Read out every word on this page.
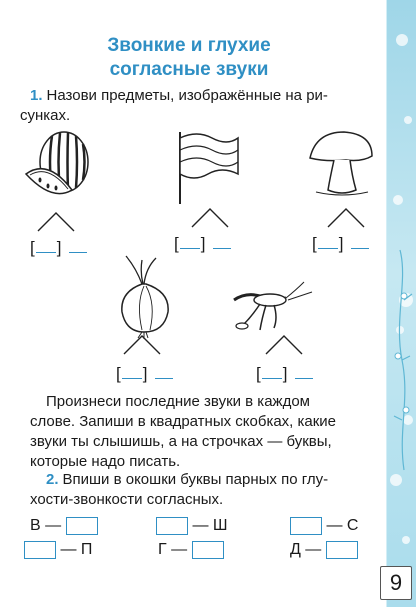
Звонкие и глухие
согласные звуки
1. Назови предметы, изображённые на ри-
сунках.
[ ]	[ ]	[ ]
[ ]	[ ]
Произнеси последние звуки в каждом
слове. Запиши в квадратных скобках, какие
звуки ты слышишь, а на строчках — буквы,
которые надо писать.
2. Впиши в окошки буквы парных по глу-
хости-звонкости согласных.
В —	— Ш	— С
— П	Г —	Д —
9
